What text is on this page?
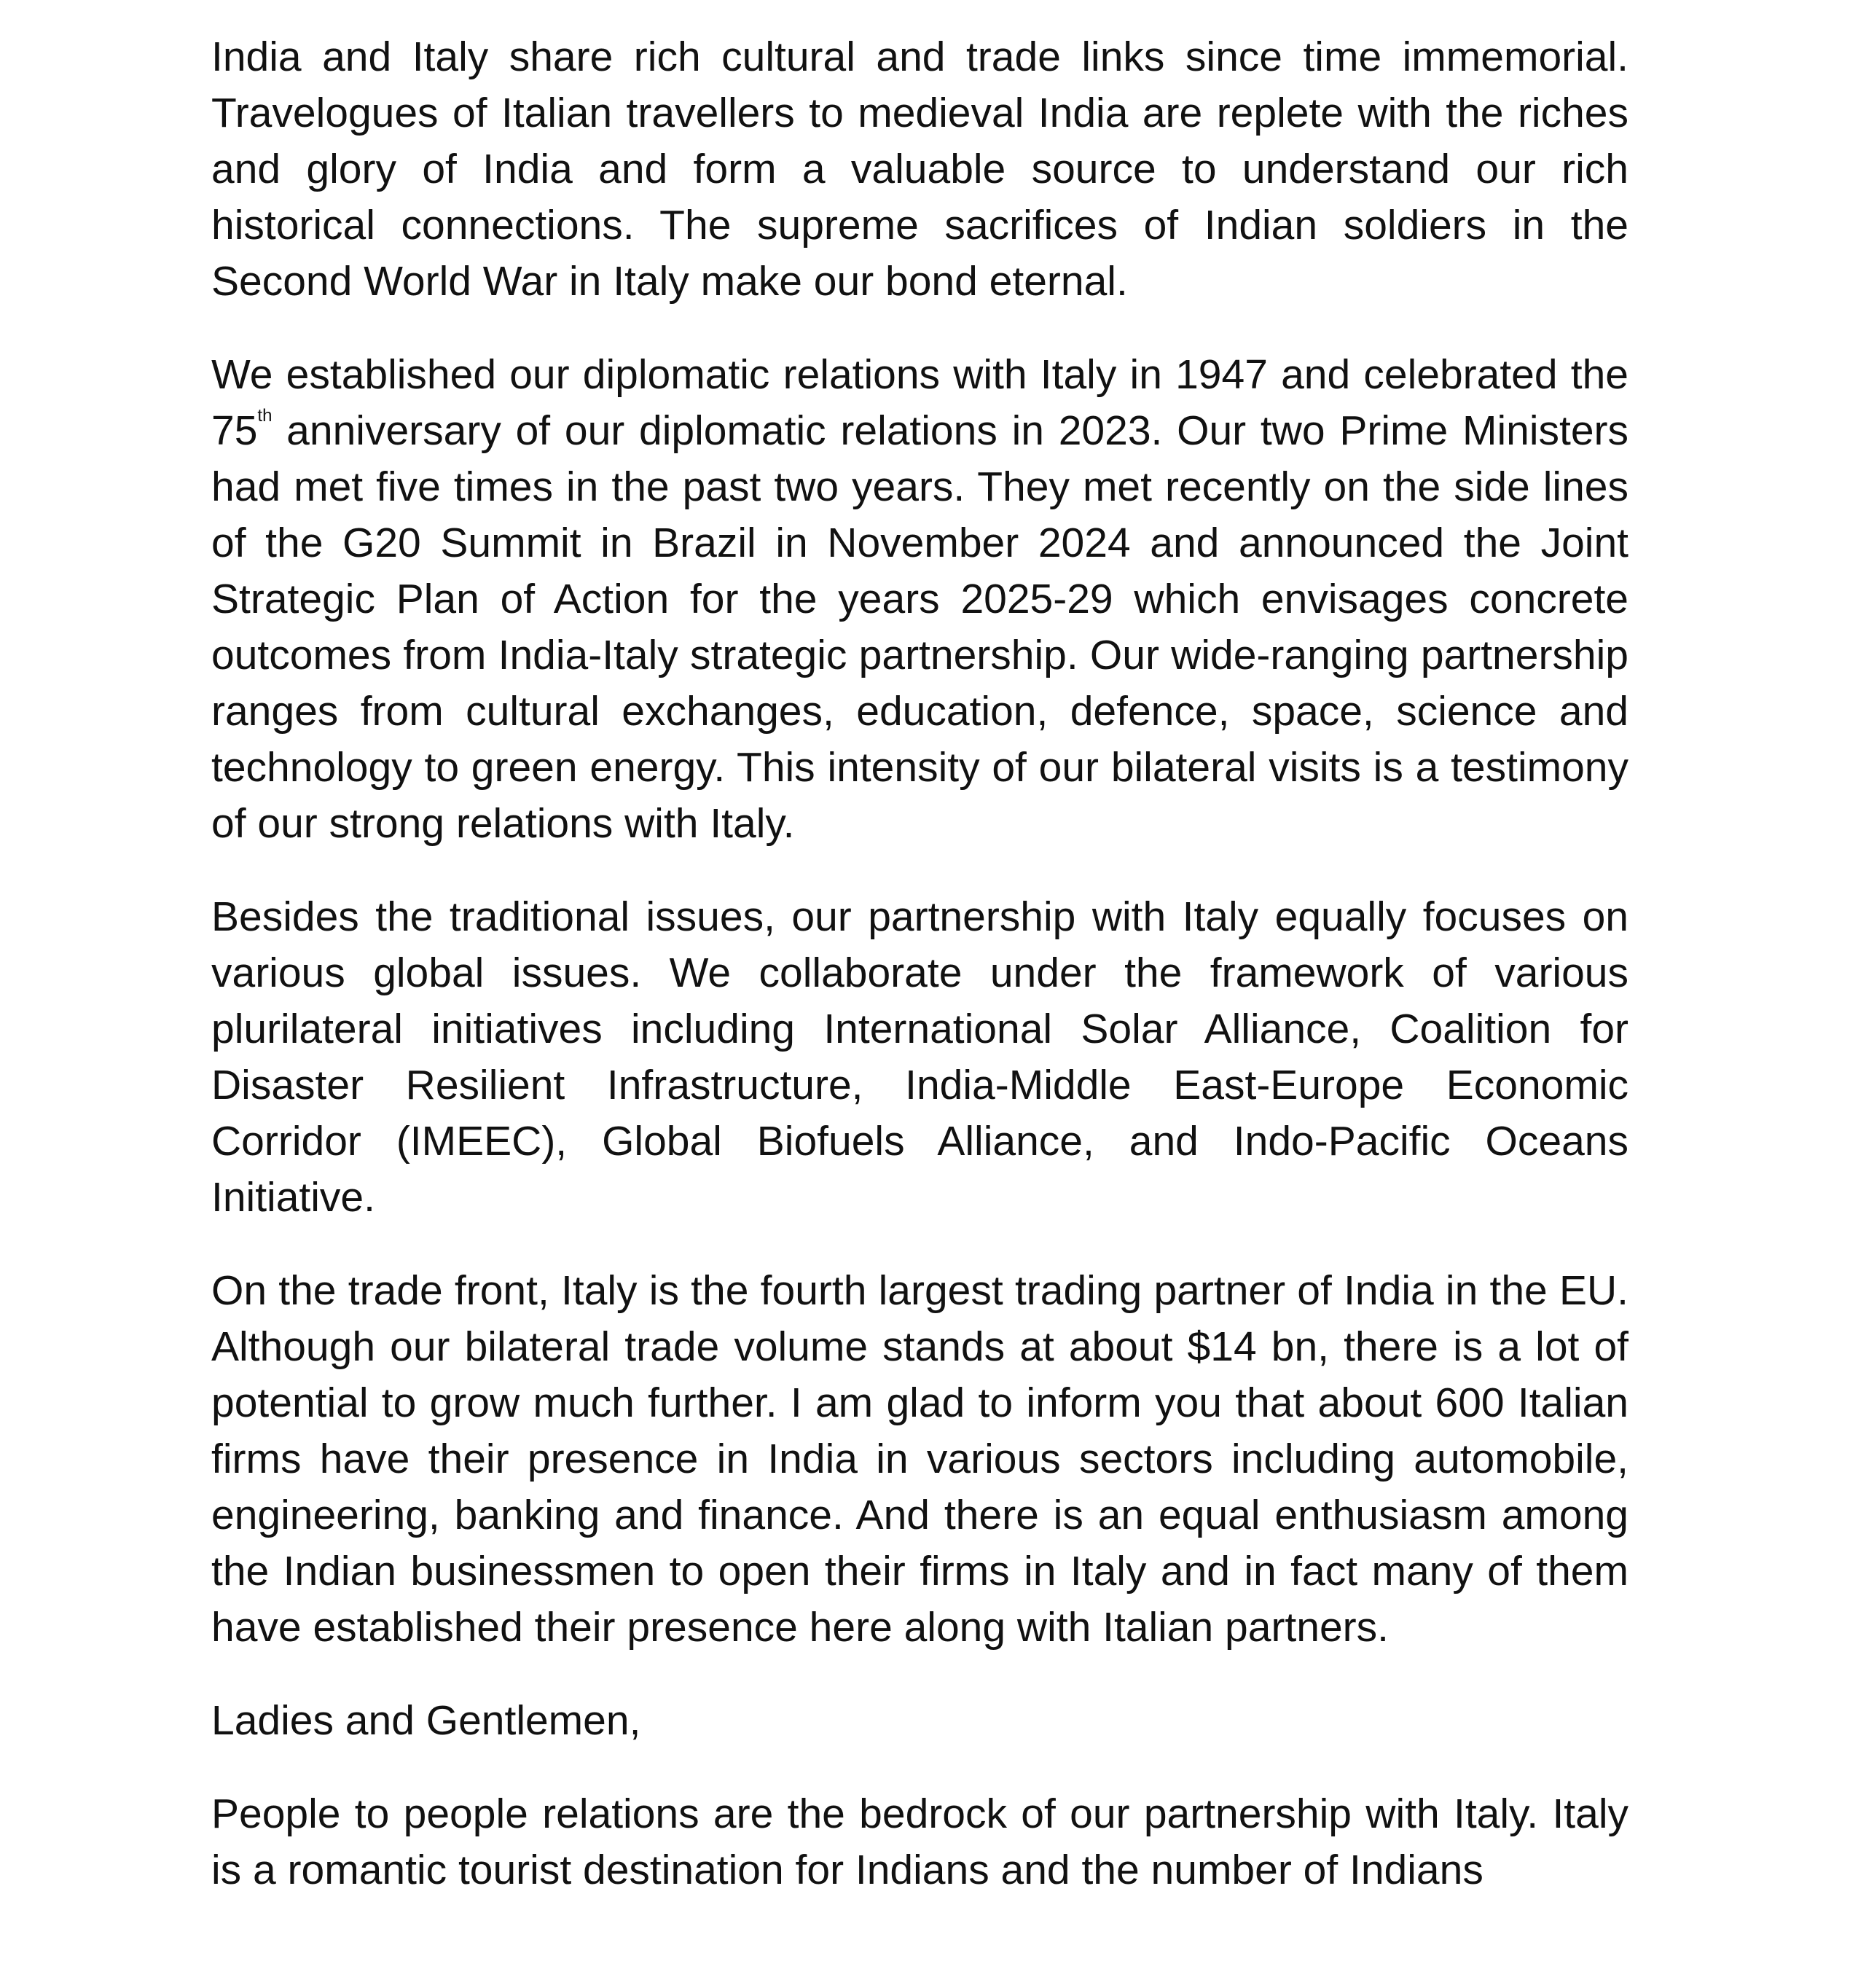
India and Italy share rich cultural and trade links since time immemorial. Travelogues of Italian travellers to medieval India are replete with the riches and glory of India and form a valuable source to understand our rich historical connections. The supreme sacrifices of Indian soldiers in the Second World War in Italy make our bond eternal.

We established our diplomatic relations with Italy in 1947 and celebrated the 75th anniversary of our diplomatic relations in 2023. Our two Prime Ministers had met five times in the past two years. They met recently on the side lines of the G20 Summit in Brazil in November 2024 and announced the Joint Strategic Plan of Action for the years 2025-29 which envisages concrete outcomes from India-Italy strategic partnership. Our wide-ranging partnership ranges from cultural exchanges, education, defence, space, science and technology to green energy. This intensity of our bilateral visits is a testimony of our strong relations with Italy.

Besides the traditional issues, our partnership with Italy equally focuses on various global issues. We collaborate under the framework of various plurilateral initiatives including International Solar Alliance, Coalition for Disaster Resilient Infrastructure, India-Middle East-Europe Economic Corridor (IMEEC), Global Biofuels Alliance, and Indo-Pacific Oceans Initiative.

On the trade front, Italy is the fourth largest trading partner of India in the EU. Although our bilateral trade volume stands at about $14 bn, there is a lot of potential to grow much further. I am glad to inform you that about 600 Italian firms have their presence in India in various sectors including automobile, engineering, banking and finance. And there is an equal enthusiasm among the Indian businessmen to open their firms in Italy and in fact many of them have established their presence here along with Italian partners.

Ladies and Gentlemen,

People to people relations are the bedrock of our partnership with Italy. Italy is a romantic tourist destination for Indians and the number of Indians
